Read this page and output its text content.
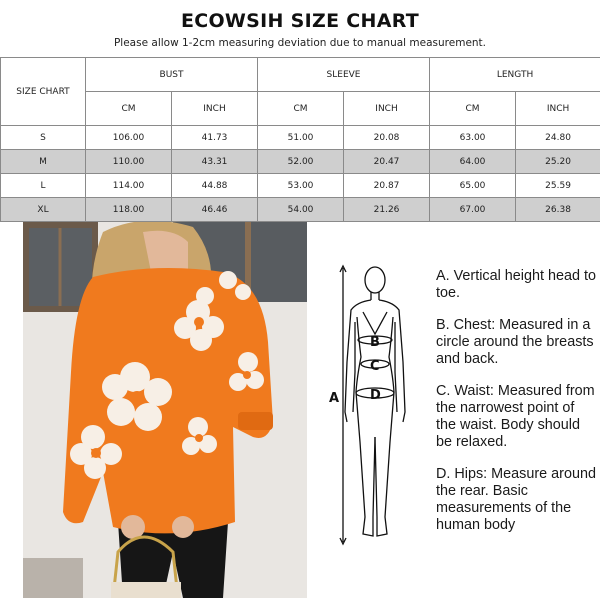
ECOWSIH SIZE CHART
Please allow 1-2cm measuring deviation due to manual measurement.
SIZE CHART	BUST		SLEEVE		LENGTH	
	CM	INCH	CM	INCH	CM	INCH
S	106.00	41.73	51.00	20.08	63.00	24.80
M	110.00	43.31	52.00	20.47	64.00	25.20
L	114.00	44.88	53.00	20.87	65.00	25.59
XL	118.00	46.46	54.00	21.26	67.00	26.38
A
B
C
D
A. Vertical height head to toe.
B. Chest: Measured in a circle around the breasts and back.
C. Waist: Measured from the narrowest point of the waist. Body should be relaxed.
D. Hips: Measure around the rear. Basic measurements of the human body
